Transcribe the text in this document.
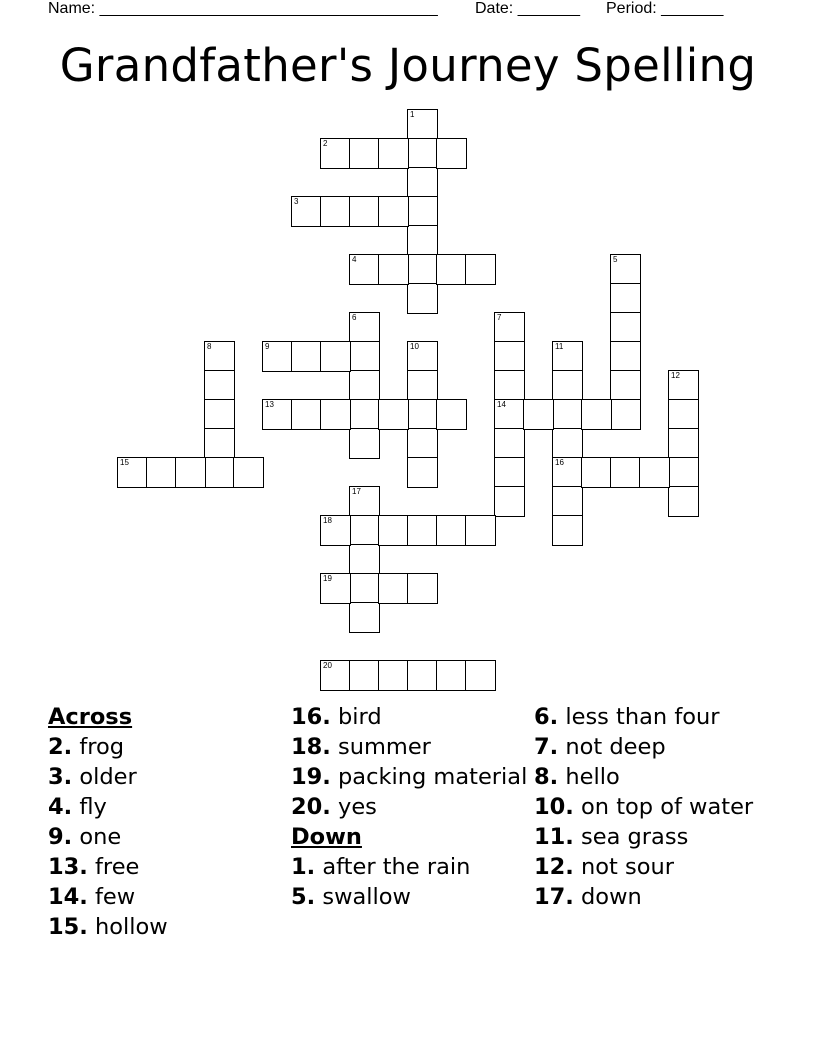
Name: ______________________________________ Date: _______ Period: _______
Grandfather's Journey Spelling
1
2
3
4	5
6	7
14
8	9	10	11
16
12
13
15
17
18
19
20
Across
2. frog
3. older
4. fly
9. one
13. free
14. few
15. hollow
16. bird
18. summer
19. packing material
20. yes
Down
1. after the rain
5. swallow
6. less than four
7. not deep
8. hello
10. on top of water
11. sea grass
12. not sour
17. down
